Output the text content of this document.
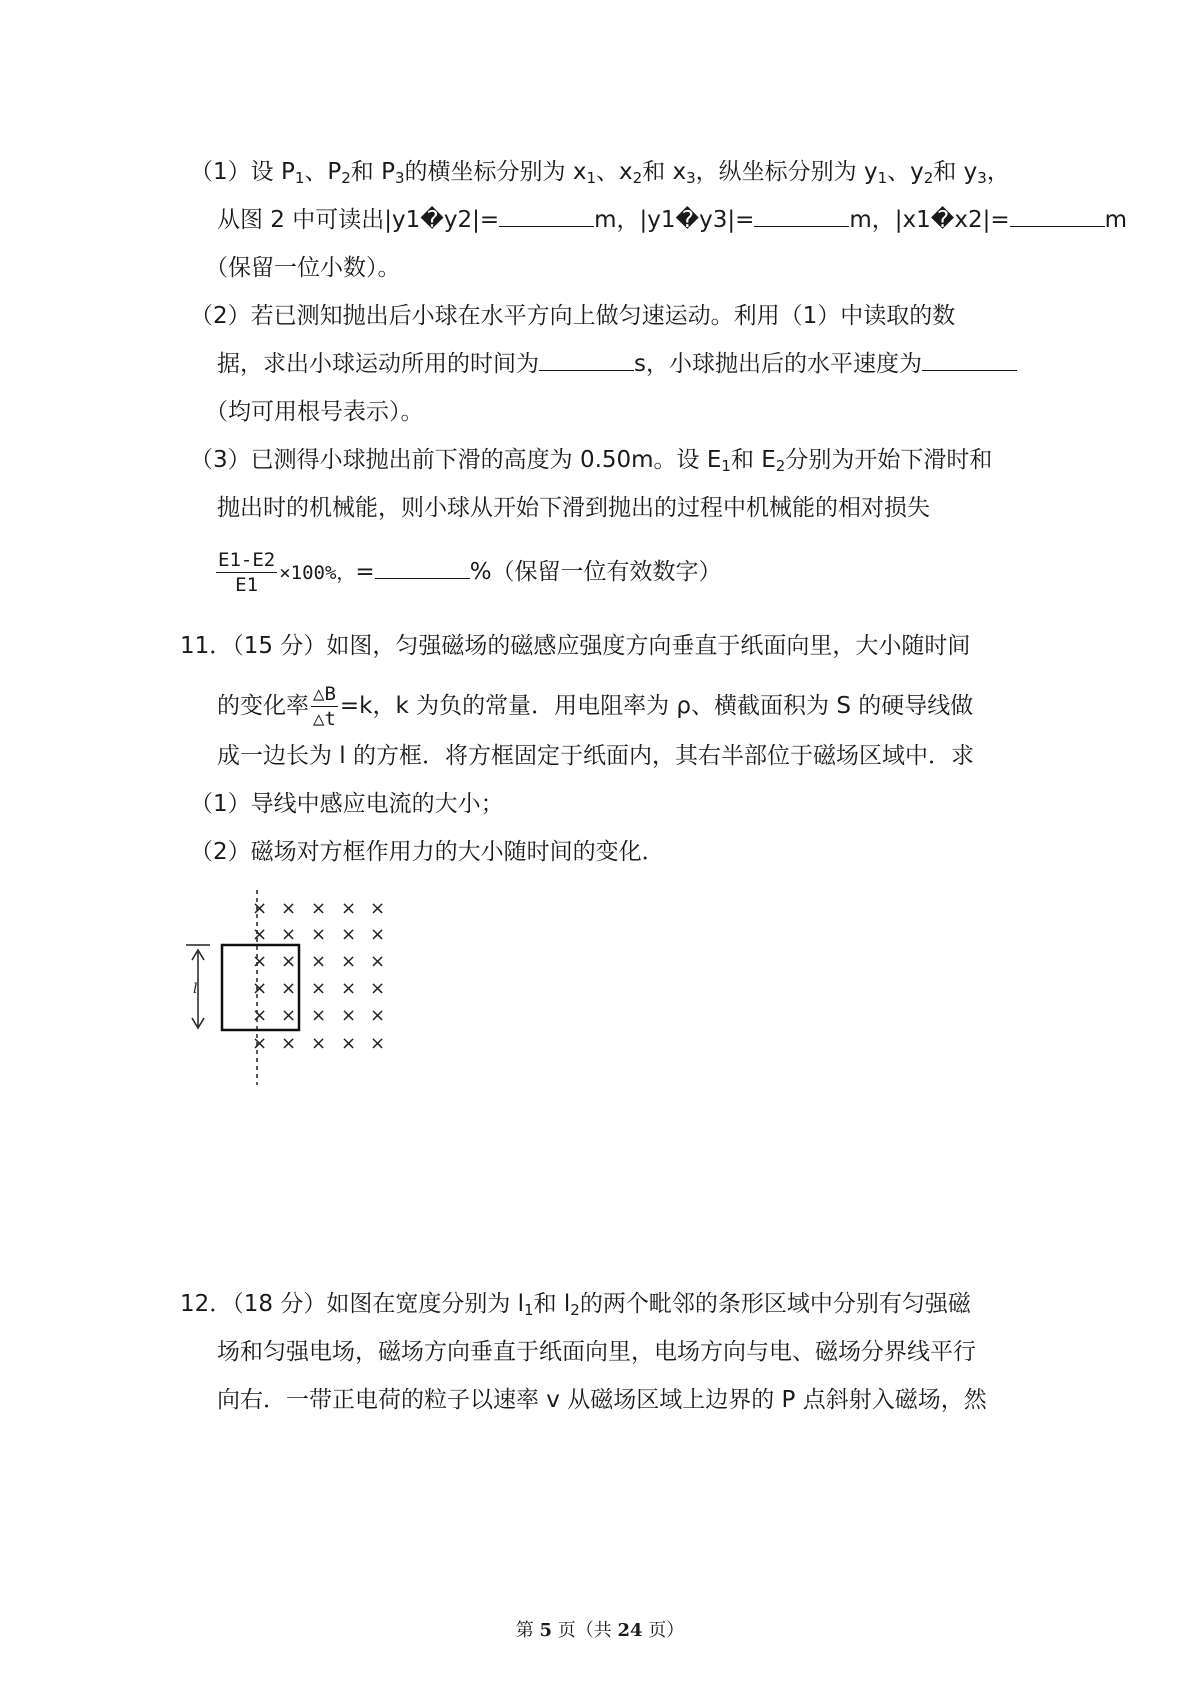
（1）设 $P_1$、$P_2$和 $P_3$的横坐标分别为 $x_1$、$x_2$和 $x_3$，纵坐标分别为 $y_1$、$y_2$和 $y_3$，
从图 2 中可读出|y1�y2|=	m，|y1�y3|=	m，|x1�x2|=	m
（保留一位小数）。
（2）若已测知抛出后小球在水平方向上做匀速运动。利用（1）中读取的数
据，求出小球运动所用的时间为	s，小球抛出后的水平速度为
（均可用根号表示）。
（3）已测得小球抛出前下滑的高度为 0.50m。设 $E_1$和 $E_2$分别为开始下滑时和
抛出时的机械能，则小球从开始下滑到抛出的过程中机械能的相对损失
$\frac{E1-E2}{E1} \times 100\%$，=	%（保留一位有效数字）
11．（15 分）如图，匀强磁场的磁感应强度方向垂直于纸面向里，大小随时间
的变化率 $\frac{\triangle B}{\triangle t} =k$，k 为负的常量．用电阻率为 ρ、横截面积为 S 的硬导线做
成一边长为 l 的方框．将方框固定于纸面内，其右半部位于磁场区域中．求
（1）导线中感应电流的大小；
（2）磁场对方框作用力的大小随时间的变化．
l
× × × × ×
× × × × ×
× × × × ×
× × × × ×
× × × × ×
× × × × ×
12．（18 分）如图在宽度分别为 $l_1$和 $l_2$的两个毗邻的条形区域中分别有匀强磁
场和匀强电场，磁场方向垂直于纸面向里，电场方向与电、磁场分界线平行
向右．一带正电荷的粒子以速率 v 从磁场区域上边界的 P 点斜射入磁场，然
第 5 页（共 24 页）
